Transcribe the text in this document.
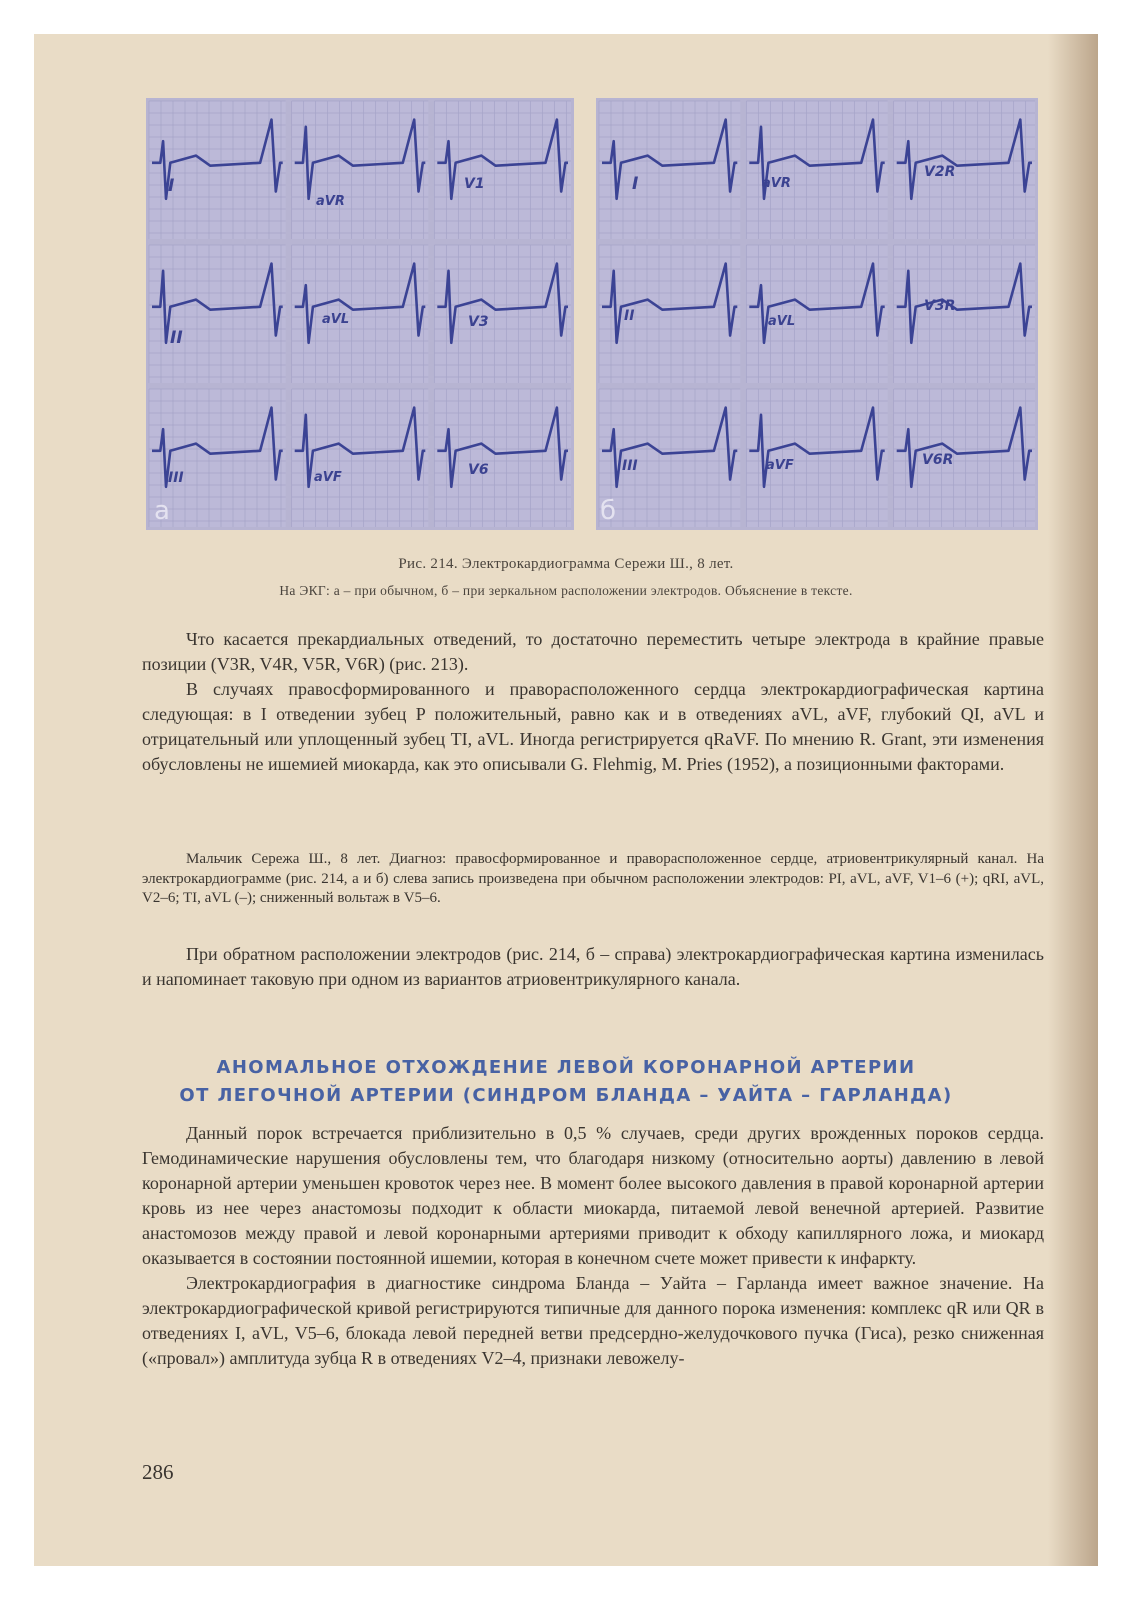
I
aVR
V1
II
aVL	V3
III	aVF	V6
а
I	aVR
V2R
II	aVL
V3R
III	aVF	V6R
б
Рис. 214. Электрокардиограмма Сережи Ш., 8 лет.
На ЭКГ: а – при обычном, б – при зеркальном расположении электродов. Объяснение в тексте.

Что касается прекардиальных отведений, то достаточно переместить четыре электрода в крайние правые позиции (V3R, V4R, V5R, V6R) (рис. 213).

В случаях правосформированного и праворасположенного сердца электрокардиографическая картина следующая: в I отведении зубец P положительный, равно как и в отведениях aVL, aVF, глубокий QI, aVL и отрицательный или уплощенный зубец TI, aVL. Иногда регистрируется qRaVF. По мнению R. Grant, эти изменения обусловлены не ишемией миокарда, как это описывали G. Flehmig, M. Pries (1952), а позиционными факторами.

Мальчик Сережа Ш., 8 лет. Диагноз: правосформированное и праворасположенное сердце, атриовентрикулярный канал. На электрокардиограмме (рис. 214, а и б) слева запись произведена при обычном расположении электродов: PI, aVL, aVF, V1–6 (+); qRI, aVL, V2–6; TI, aVL (–); сниженный вольтаж в V5–6.

При обратном расположении электродов (рис. 214, б – справа) электрокардиографическая картина изменилась и напоминает таковую при одном из вариантов атриовентрикулярного канала.

АНОМАЛЬНОЕ ОТХОЖДЕНИЕ ЛЕВОЙ КОРОНАРНОЙ АРТЕРИИ

ОТ ЛЕГОЧНОЙ АРТЕРИИ (СИНДРОМ БЛАНДА – УАЙТА – ГАРЛАНДА)

Данный порок встречается приблизительно в 0,5 % случаев, среди других врожденных пороков сердца. Гемодинамические нарушения обусловлены тем, что благодаря низкому (относительно аорты) давлению в левой коронарной артерии уменьшен кровоток через нее. В момент более высокого давления в правой коронарной артерии кровь из нее через анастомозы подходит к области миокарда, питаемой левой венечной артерией. Развитие анастомозов между правой и левой коронарными артериями приводит к обходу капиллярного ложа, и миокард оказывается в состоянии постоянной ишемии, которая в конечном счете может привести к инфаркту.

Электрокардиография в диагностике синдрома Бланда – Уайта – Гарланда имеет важное значение. На электрокардиографической кривой регистрируются типичные для данного порока изменения: комплекс qR или QR в отведениях I, aVL, V5–6, блокада левой передней ветви предсердно-желудочкового пучка (Гиса), резко сниженная («провал») амплитуда зубца R в отведениях V2–4, признаки левожелу-

286
